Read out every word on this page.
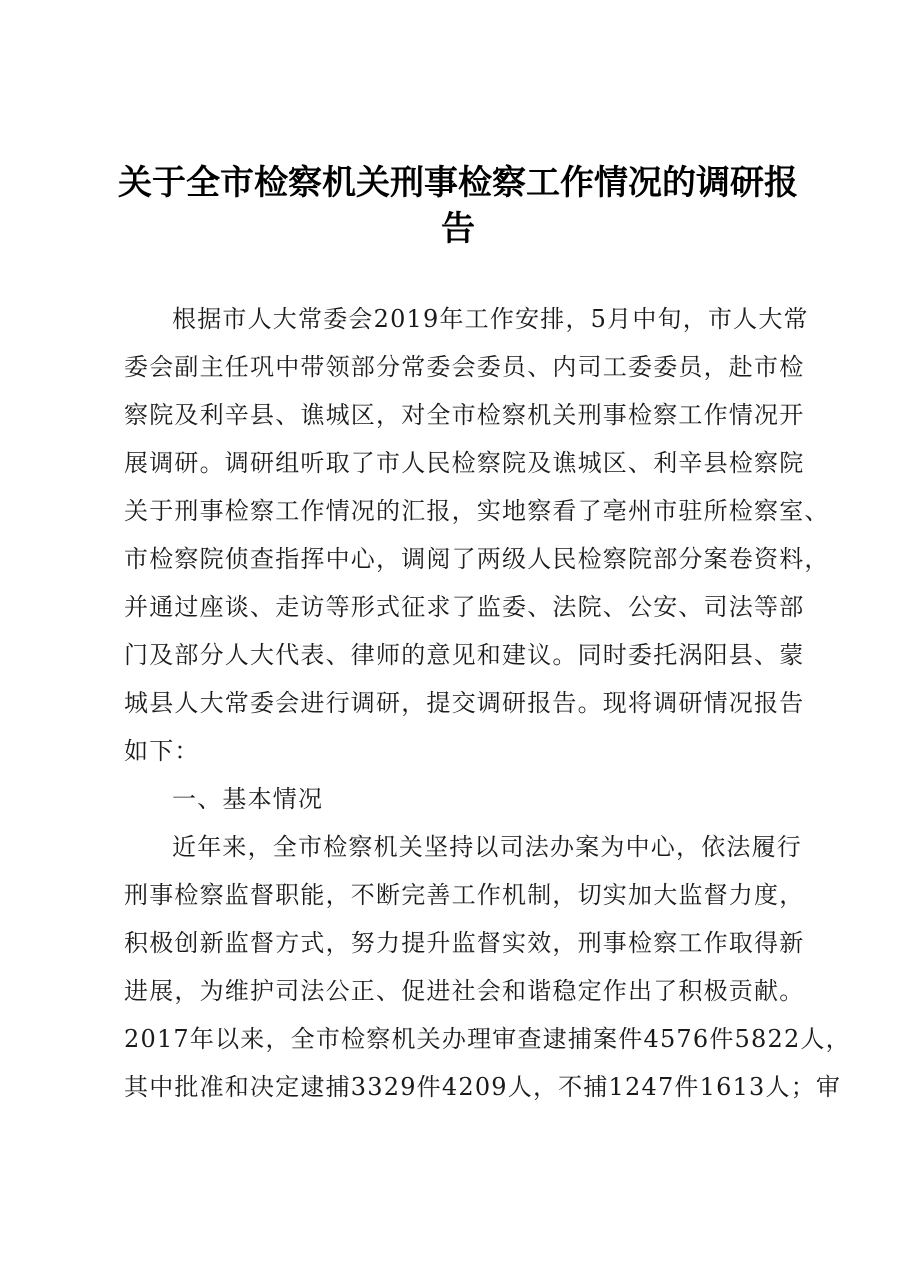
关于全市检察机关刑事检察工作情况的调研报
告
根据市人大常委会2019年工作安排，5月中旬，市人大常
委会副主任巩中带领部分常委会委员、内司工委委员，赴市检
察院及利辛县、谯城区，对全市检察机关刑事检察工作情况开
展调研。调研组听取了市人民检察院及谯城区、利辛县检察院
关于刑事检察工作情况的汇报，实地察看了亳州市驻所检察室、
市检察院侦查指挥中心，调阅了两级人民检察院部分案卷资料，
并通过座谈、走访等形式征求了监委、法院、公安、司法等部
门及部分人大代表、律师的意见和建议。同时委托涡阳县、蒙
城县人大常委会进行调研，提交调研报告。现将调研情况报告
如下：
一、基本情况
近年来，全市检察机关坚持以司法办案为中心，依法履行
刑事检察监督职能，不断完善工作机制，切实加大监督力度，
积极创新监督方式，努力提升监督实效，刑事检察工作取得新
进展，为维护司法公正、促进社会和谐稳定作出了积极贡献。
2017年以来，全市检察机关办理审查逮捕案件4576件5822人，
其中批准和决定逮捕3329件4209人，不捕1247件1613人；审
